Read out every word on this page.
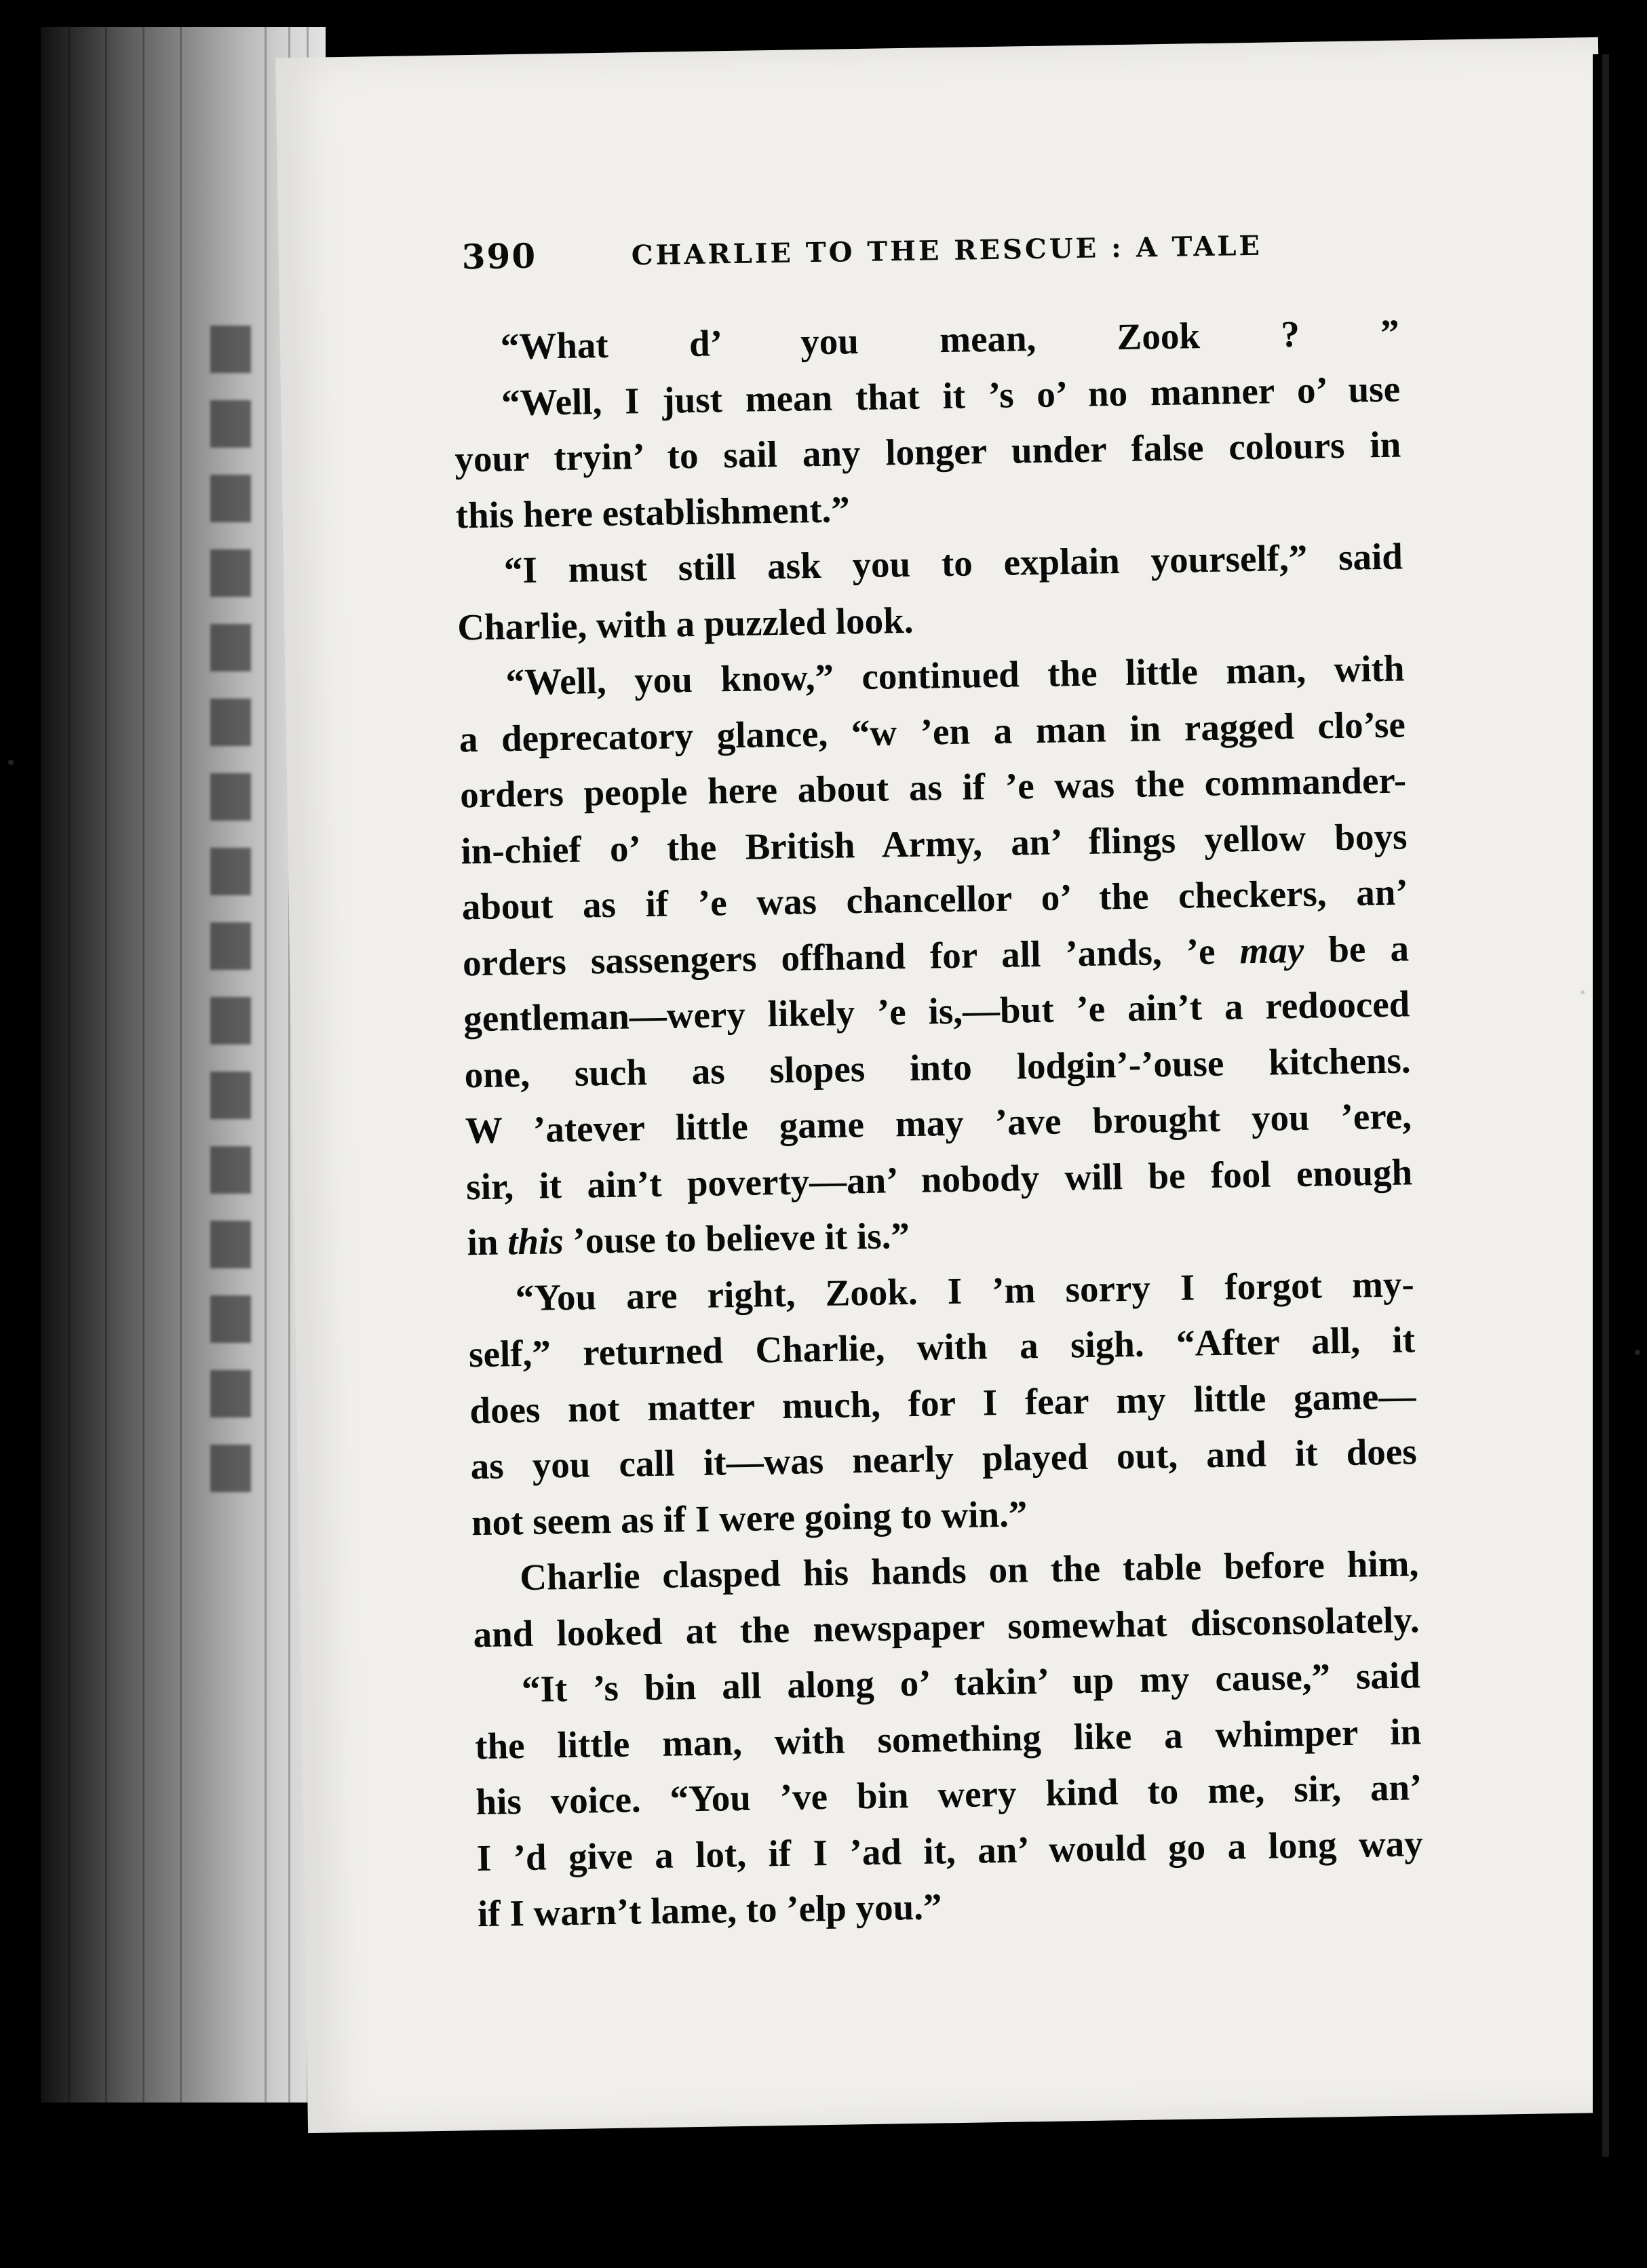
390	CHARLIE TO THE RESCUE : A TALE
“What d’ you mean, Zook ? ”
“Well, I just mean that it ’s o’ no manner o’ use
your tryin’ to sail any longer under false colours in
this here establishment.”
“I must still ask you to explain yourself,” said
Charlie, with a puzzled look.
“Well, you know,” continued the little man, with
a deprecatory glance, “w ’en a man in ragged clo’se
orders people here about as if ’e was the commander-
in-chief o’ the British Army, an’ flings yellow boys
about as if ’e was chancellor o’ the checkers, an’
orders sassengers offhand for all ’ands, ’e may be a
gentleman—wery likely ’e is,—but ’e ain’t a redooced
one, such as slopes into lodgin’-’ouse kitchens.
W ’atever little game may ’ave brought you ’ere,
sir, it ain’t poverty—an’ nobody will be fool enough
in this ’ouse to believe it is.”
“You are right, Zook. I ’m sorry I forgot my-
self,” returned Charlie, with a sigh. “After all, it
does not matter much, for I fear my little game—
as you call it—was nearly played out, and it does
not seem as if I were going to win.”
Charlie clasped his hands on the table before him,
and looked at the newspaper somewhat disconsolately.
“It ’s bin all along o’ takin’ up my cause,” said
the little man, with something like a whimper in
his voice. “You ’ve bin wery kind to me, sir, an’
I ’d give a lot, if I ’ad it, an’ would go a long way
if I warn’t lame, to ’elp you.”
